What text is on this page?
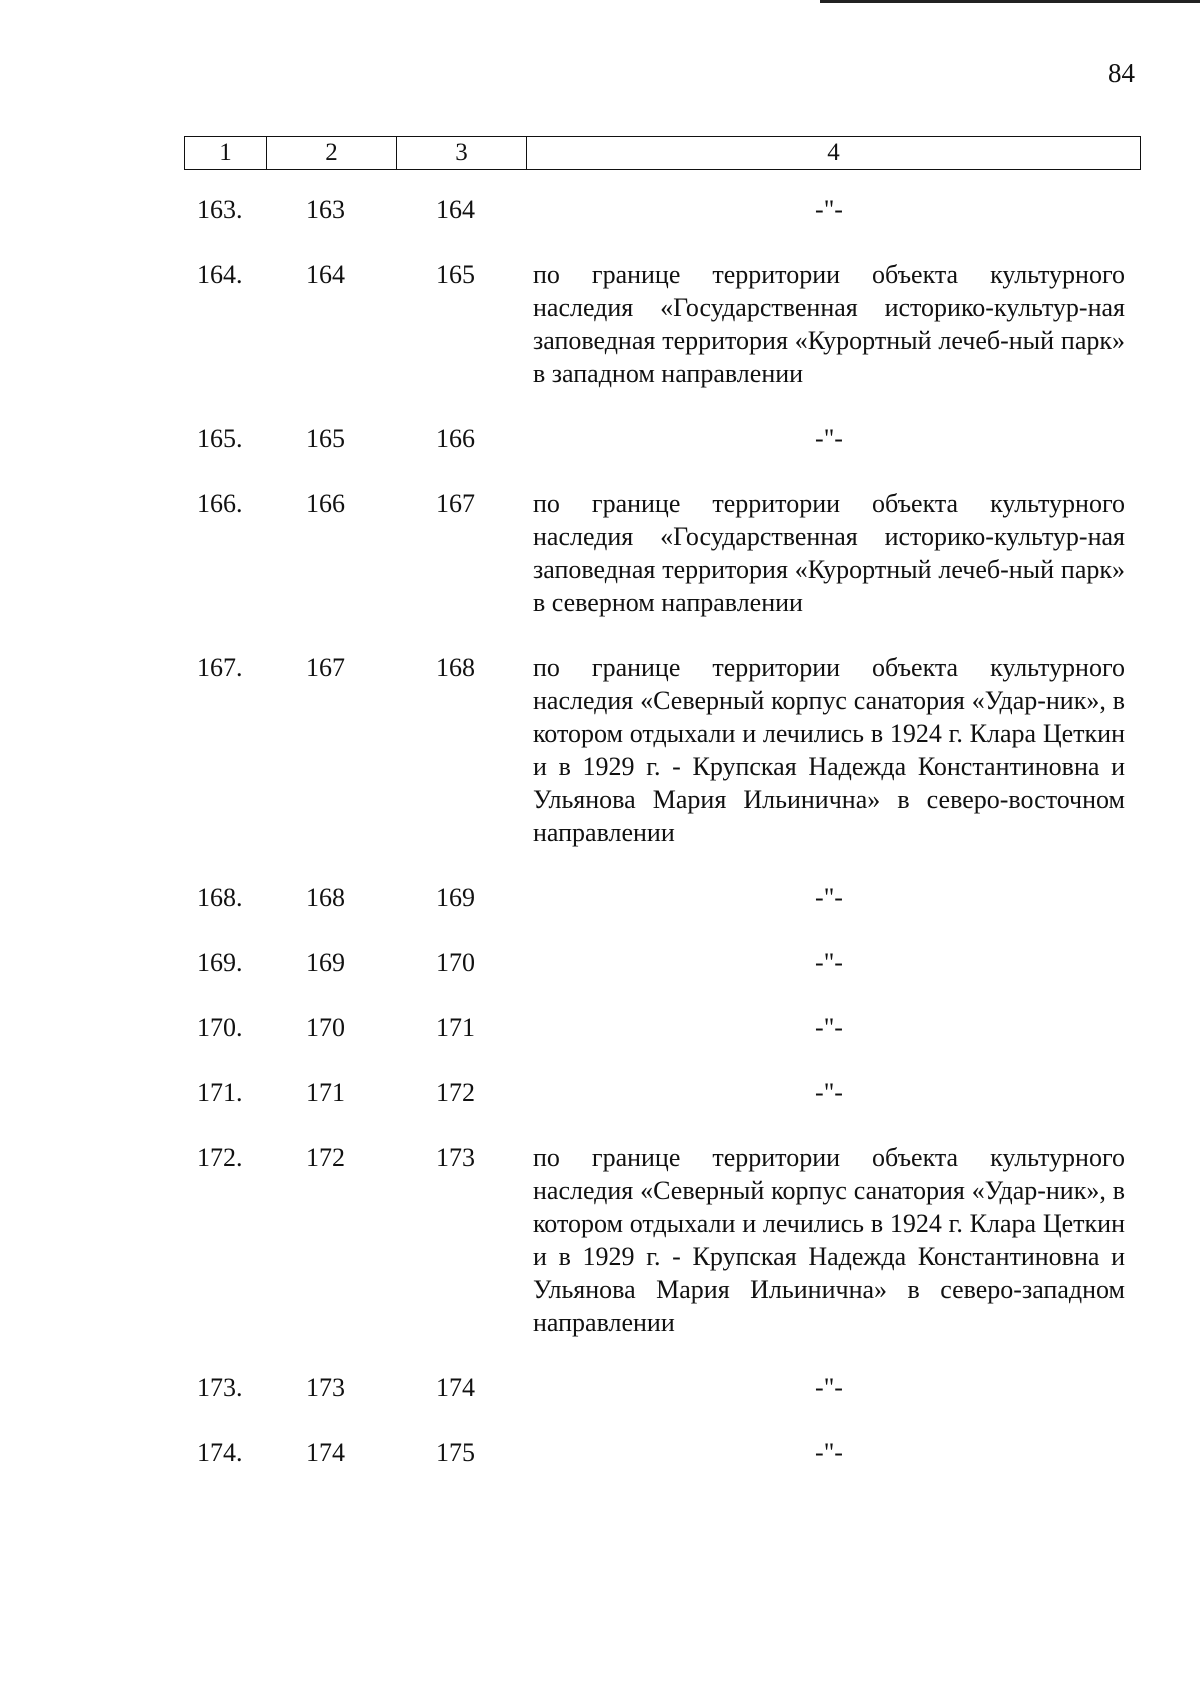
84
1	2	3	4
163. 163	164	-"-
164. 164	165 по границе территории объекта культурного наследия «Государственная историко-культур-ная заповедная территория «Курортный лечеб-ный парк» в западном направлении
165. 165	166	-"-
166. 166	167 по границе территории объекта культурного наследия «Государственная историко-культур-ная заповедная территория «Курортный лечеб-ный парк» в северном направлении
167. 167	168 по границе территории объекта культурного наследия «Северный корпус санатория «Удар-ник», в котором отдыхали и лечились в 1924 г. Клара Цеткин и в 1929 г. - Крупская Надежда Константиновна и Ульянова Мария Ильинична» в северо-восточном направлении
168. 168	169	-"-
169. 169	170	-"-
170. 170	171	-"-
171. 171	172	-"-
172. 172	173 по границе территории объекта культурного наследия «Северный корпус санатория «Удар-ник», в котором отдыхали и лечились в 1924 г. Клара Цеткин и в 1929 г. - Крупская Надежда Константиновна и Ульянова Мария Ильинична» в северо-западном направлении
173. 173	174	-"-
174. 174	175	-"-
